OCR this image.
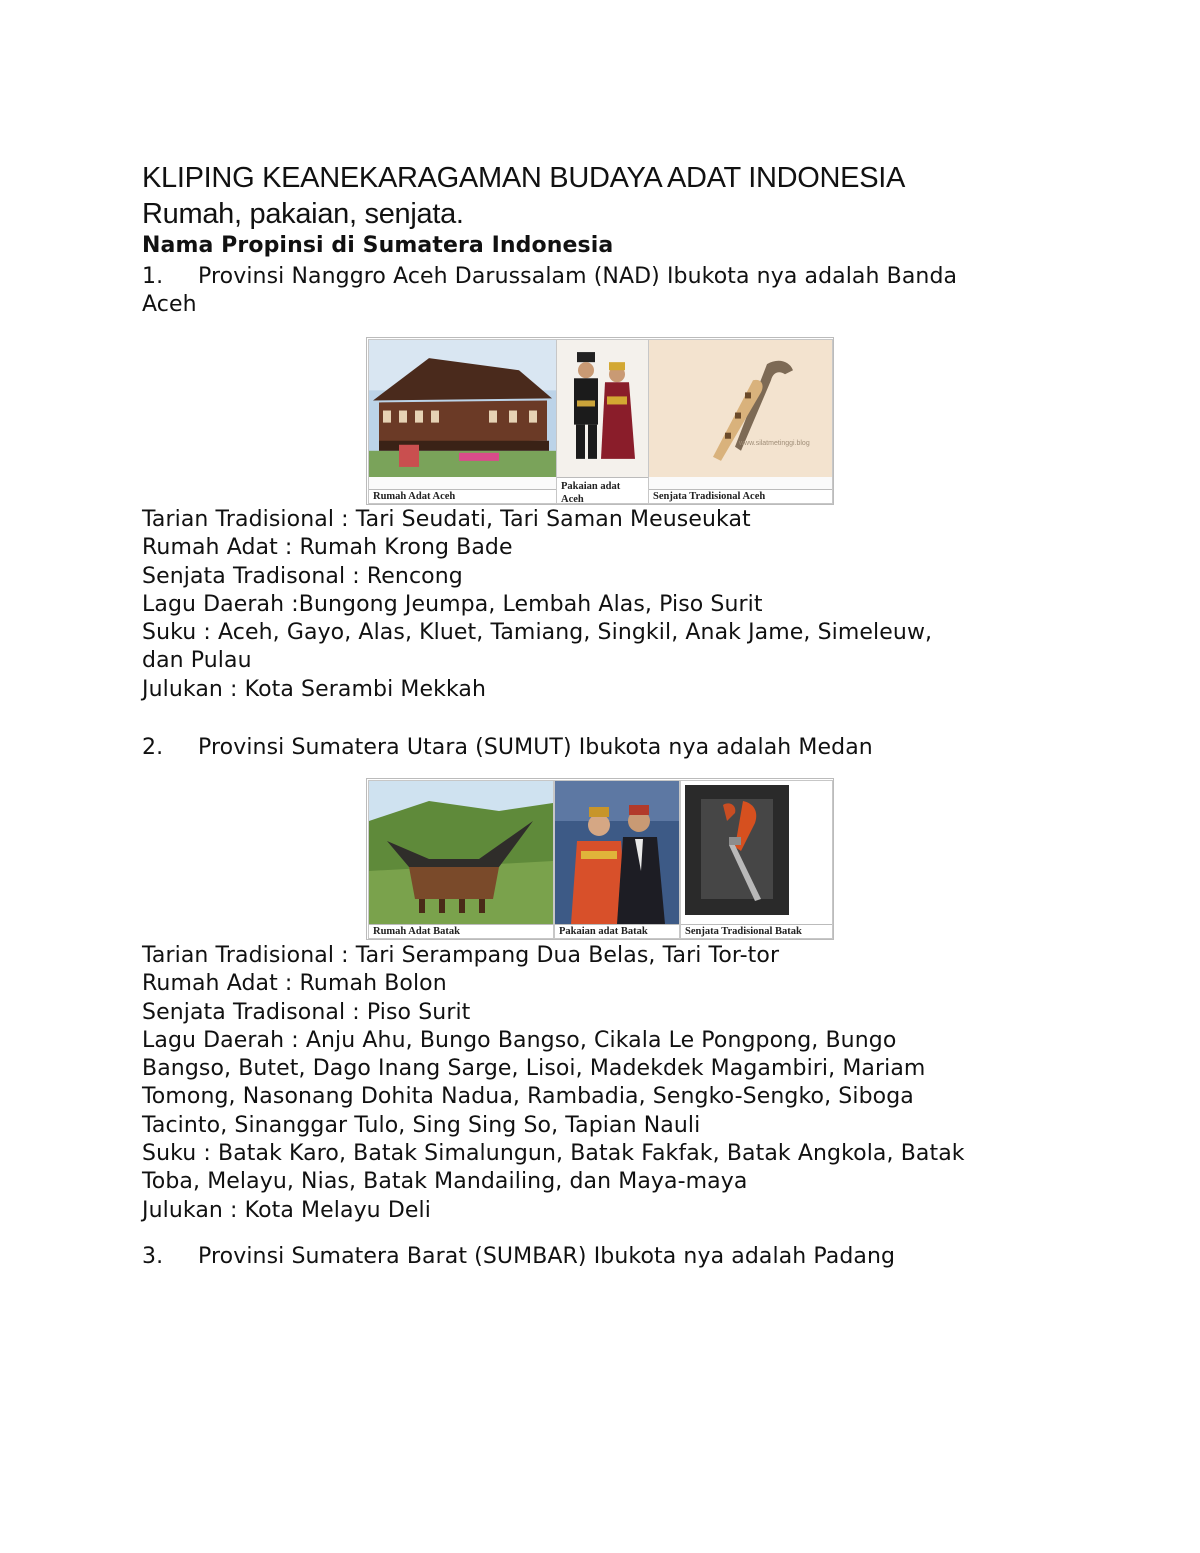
KLIPING KEANEKARAGAMAN BUDAYA ADAT INDONESIA
Rumah, pakaian, senjata.
Nama Propinsi di Sumatera Indonesia
1. Provinsi Nanggro Aceh Darussalam (NAD) Ibukota nya adalah Banda
Aceh
Rumah Adat Aceh
Pakaian adat Aceh
www.silatmetinggi.blog
Senjata Tradisional Aceh
Tarian Tradisional : Tari Seudati, Tari Saman Meuseukat
Rumah Adat : Rumah Krong Bade
Senjata Tradisonal : Rencong
Lagu Daerah :Bungong Jeumpa, Lembah Alas, Piso Surit
Suku : Aceh, Gayo, Alas, Kluet, Tamiang, Singkil, Anak Jame, Simeleuw,
dan Pulau
Julukan : Kota Serambi Mekkah
2. Provinsi Sumatera Utara (SUMUT) Ibukota nya adalah Medan
Rumah Adat Batak	Pakaian adat Batak	Senjata Tradisional Batak
Tarian Tradisional : Tari Serampang Dua Belas, Tari Tor-tor
Rumah Adat : Rumah Bolon
Senjata Tradisonal : Piso Surit
Lagu Daerah : Anju Ahu, Bungo Bangso, Cikala Le Pongpong, Bungo
Bangso, Butet, Dago Inang Sarge, Lisoi, Madekdek Magambiri, Mariam
Tomong, Nasonang Dohita Nadua, Rambadia, Sengko-Sengko, Siboga
Tacinto, Sinanggar Tulo, Sing Sing So, Tapian Nauli
Suku : Batak Karo, Batak Simalungun, Batak Fakfak, Batak Angkola, Batak
Toba, Melayu, Nias, Batak Mandailing, dan Maya-maya
Julukan : Kota Melayu Deli
3. Provinsi Sumatera Barat (SUMBAR) Ibukota nya adalah Padang
